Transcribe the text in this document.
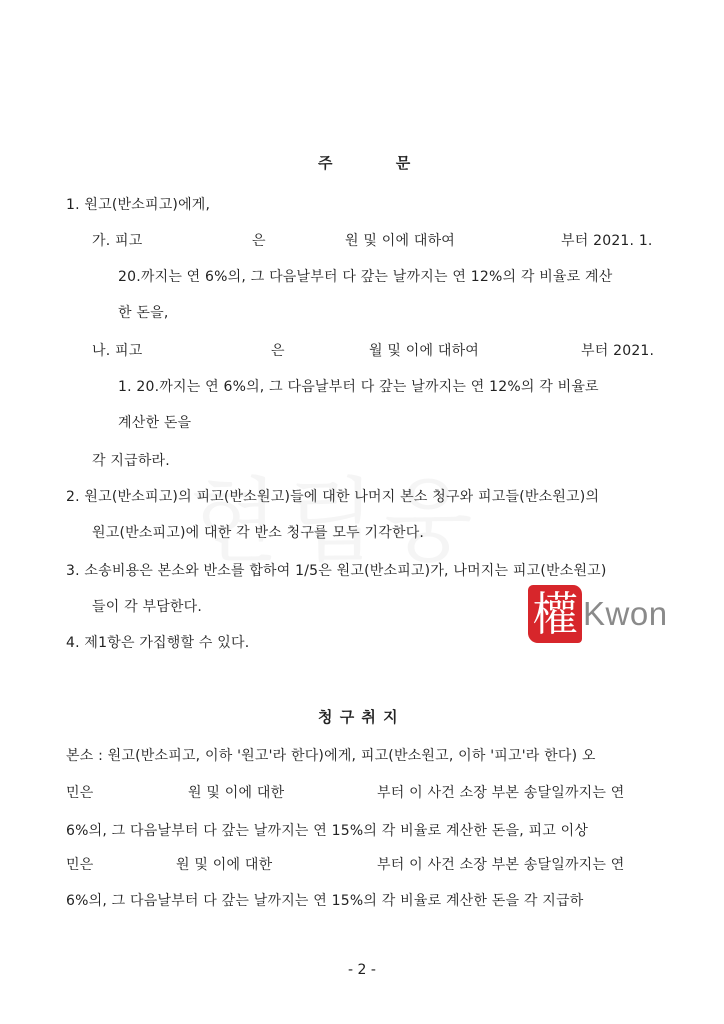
주          문
1. 원고(반소피고)에게,
가. 피고	은	원 및 이에 대하여	부터 2021. 1.
20.까지는 연 6%의, 그 다음날부터 다 갚는 날까지는 연 12%의 각 비율로 계산
한 돈을,
나. 피고	은	월 및 이에 대하여	부터 2021.
1. 20.까지는 연 6%의, 그 다음날부터 다 갚는 날까지는 연 12%의 각 비율로
계산한 돈을
각 지급하라.
2. 원고(반소피고)의 피고(반소원고)들에 대한 나머지 본소 청구와 피고들(반소원고)의
원고(반소피고)에 대한 각 반소 청구를 모두 기각한다.
3. 소송비용은 본소와 반소를 합하여 1/5은 원고(반소피고)가, 나머지는 피고(반소원고)
들이 각 부담한다.
4. 제1항은 가집행할 수 있다.
權 Kwon
청 구 취 지
본소 : 원고(반소피고, 이하 '원고'라 한다)에게, 피고(반소원고, 이하 '피고'라 한다) 오
민은	원 및 이에 대한	부터 이 사건 소장 부본 송달일까지는 연
6%의, 그 다음날부터 다 갚는 날까지는 연 15%의 각 비율로 계산한 돈을, 피고 이상
민은	원 및 이에 대한	부터 이 사건 소장 부본 송달일까지는 연
6%의, 그 다음날부터 다 갚는 날까지는 연 15%의 각 비율로 계산한 돈을 각 지급하
- 2 -
